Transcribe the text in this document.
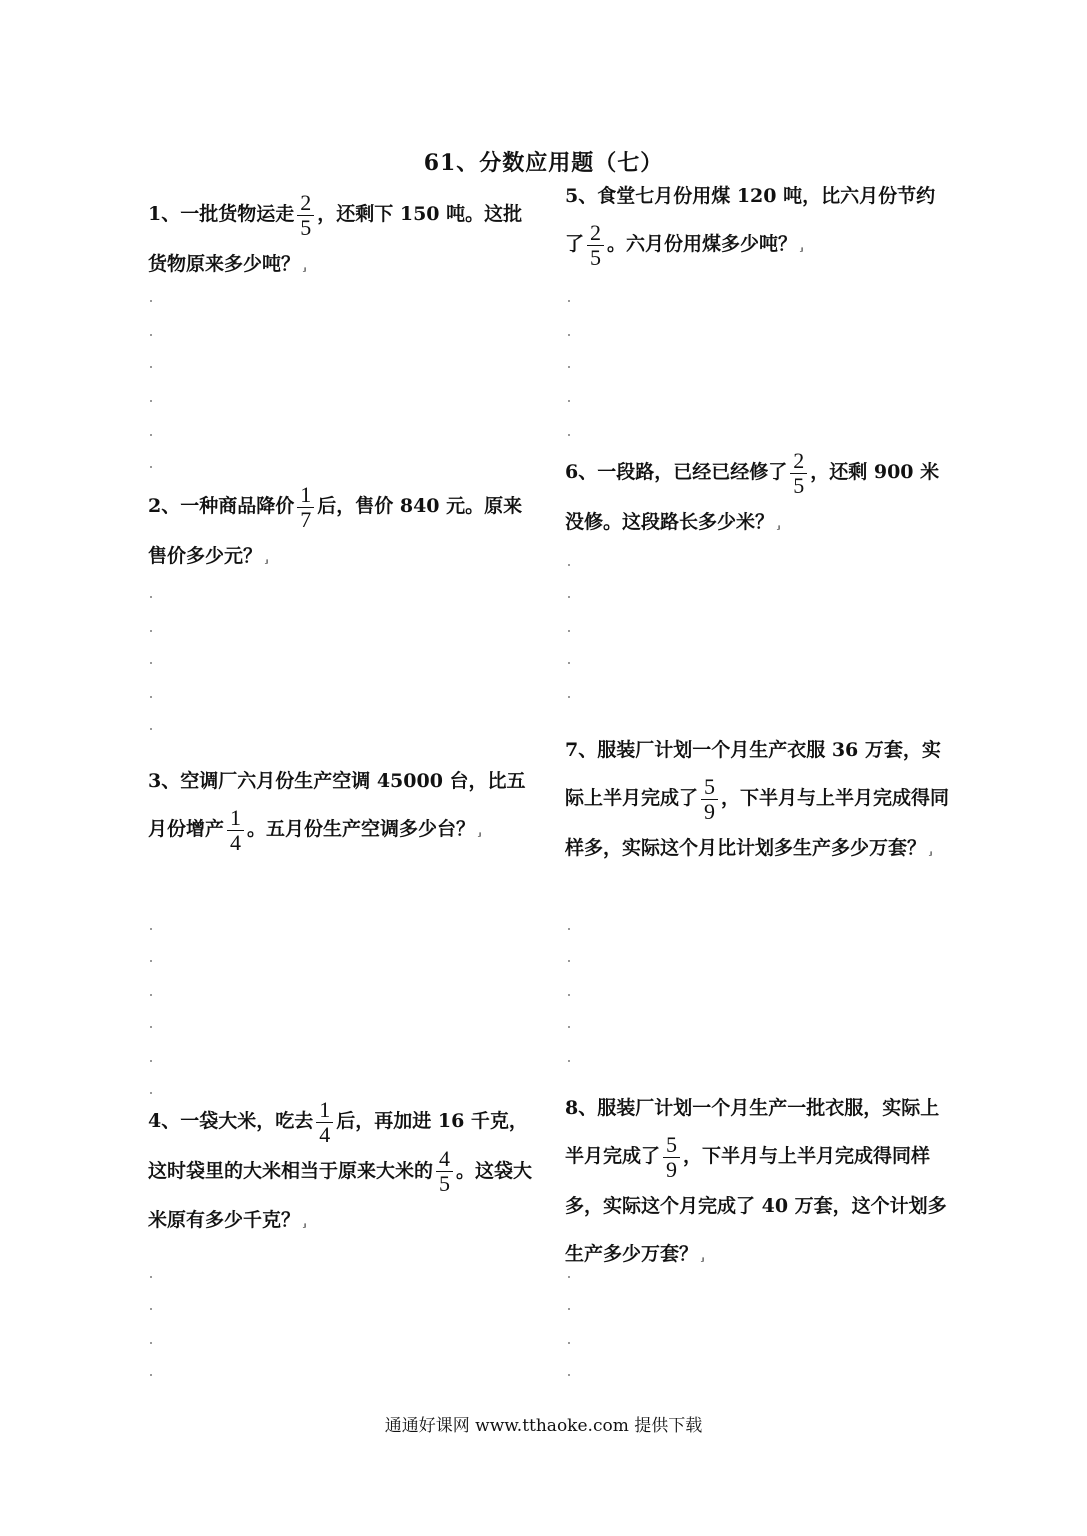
61、分数应用题（七）
1、一批货物运走 $\frac{2}{5}$ ，还剩下 150 吨。这批货物原来多少吨？ ⸥
2、一种商品降价 $\frac{1}{7}$ 后，售价 840 元。原来售价多少元？ ⸥
3、空调厂六月份生产空调 45000 台，比五月份增产 $\frac{1}{4}$ 。五月份生产空调多少台？ ⸥
4、一袋大米，吃去 $\frac{1}{4}$ 后，再加进 16 千克，这时袋里的大米相当于原来大米的 $\frac{4}{5}$ 。这袋大米原有多少千克？ ⸥
5、食堂七月份用煤 120 吨，比六月份节约了 $\frac{2}{5}$ 。六月份用煤多少吨？ ⸥
6、一段路，已经已经修了 $\frac{2}{5}$ ，还剩 900 米没修。这段路长多少米？ ⸥
7、服装厂计划一个月生产衣服 36 万套，实际上半月完成了 $\frac{5}{9}$ ，下半月与上半月完成得同样多，实际这个月比计划多生产多少万套？ ⸥
8、服装厂计划一个月生产一批衣服，实际上半月完成了 $\frac{5}{9}$ ，下半月与上半月完成得同样多，实际这个月完成了 40 万套，这个计划多生产多少万套？ ⸥
通通好课网 www.tthaoke.com 提供下载
